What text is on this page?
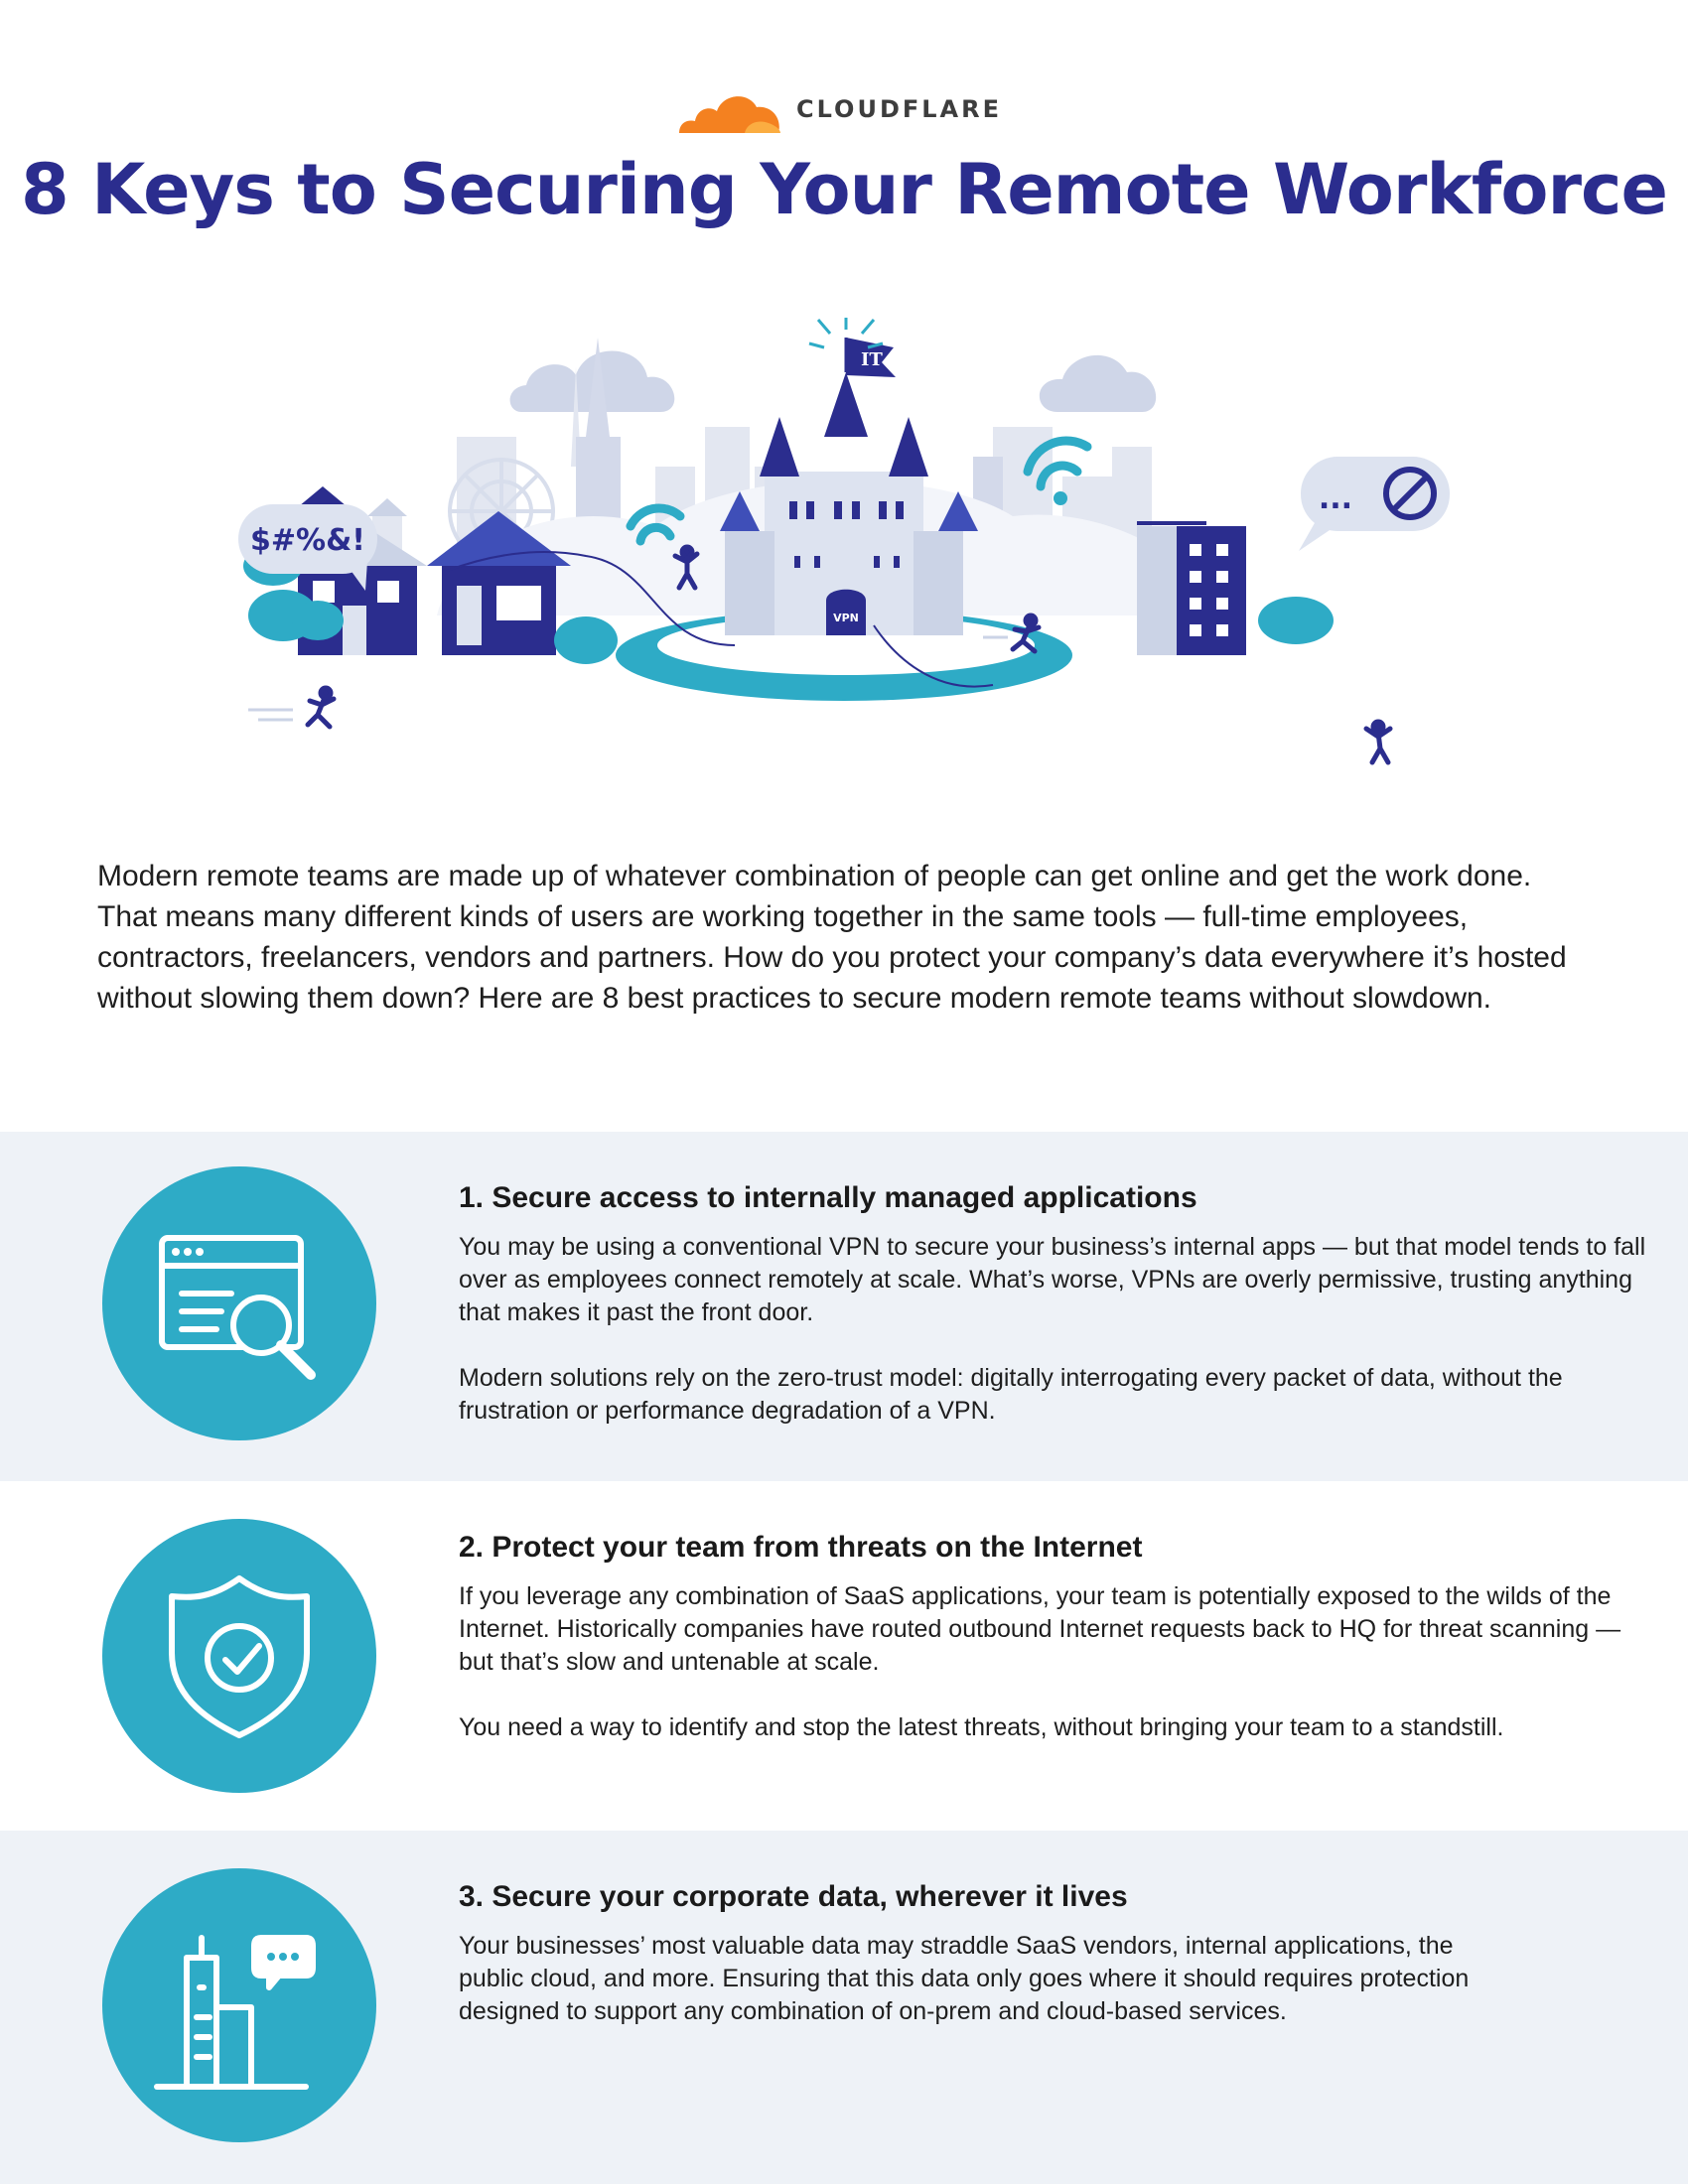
CLOUDFLARE
8 Keys to Securing Your Remote Workforce
VPN
IT
$#%&!
...
Modern remote teams are made up of whatever combination of people can get online and get the work done. That means many different kinds of users are working together in the same tools — full-time employees, contractors, freelancers, vendors and partners. How do you protect your company’s data everywhere it’s hosted without slowing them down? Here are 8 best practices to secure modern remote teams without slowdown.
1. Secure access to internally managed applications

You may be using a conventional VPN to secure your business’s internal apps — but that model tends to fall over as employees connect remotely at scale. What’s worse, VPNs are overly permissive, trusting anything that makes it past the front door.

Modern solutions rely on the zero-trust model: digitally interrogating every packet of data, without the frustration or performance degradation of a VPN.

2. Protect your team from threats on the Internet

If you leverage any combination of SaaS applications, your team is potentially exposed to the wilds of the Internet. Historically companies have routed outbound Internet requests back to HQ for threat scanning — but that’s slow and untenable at scale.

You need a way to identify and stop the latest threats, without bringing your team to a standstill.

3. Secure your corporate data, wherever it lives

Your businesses’ most valuable data may straddle SaaS vendors, internal applications, the public cloud, and more. Ensuring that this data only goes where it should requires protection designed to support any combination of on-prem and cloud-based services.
